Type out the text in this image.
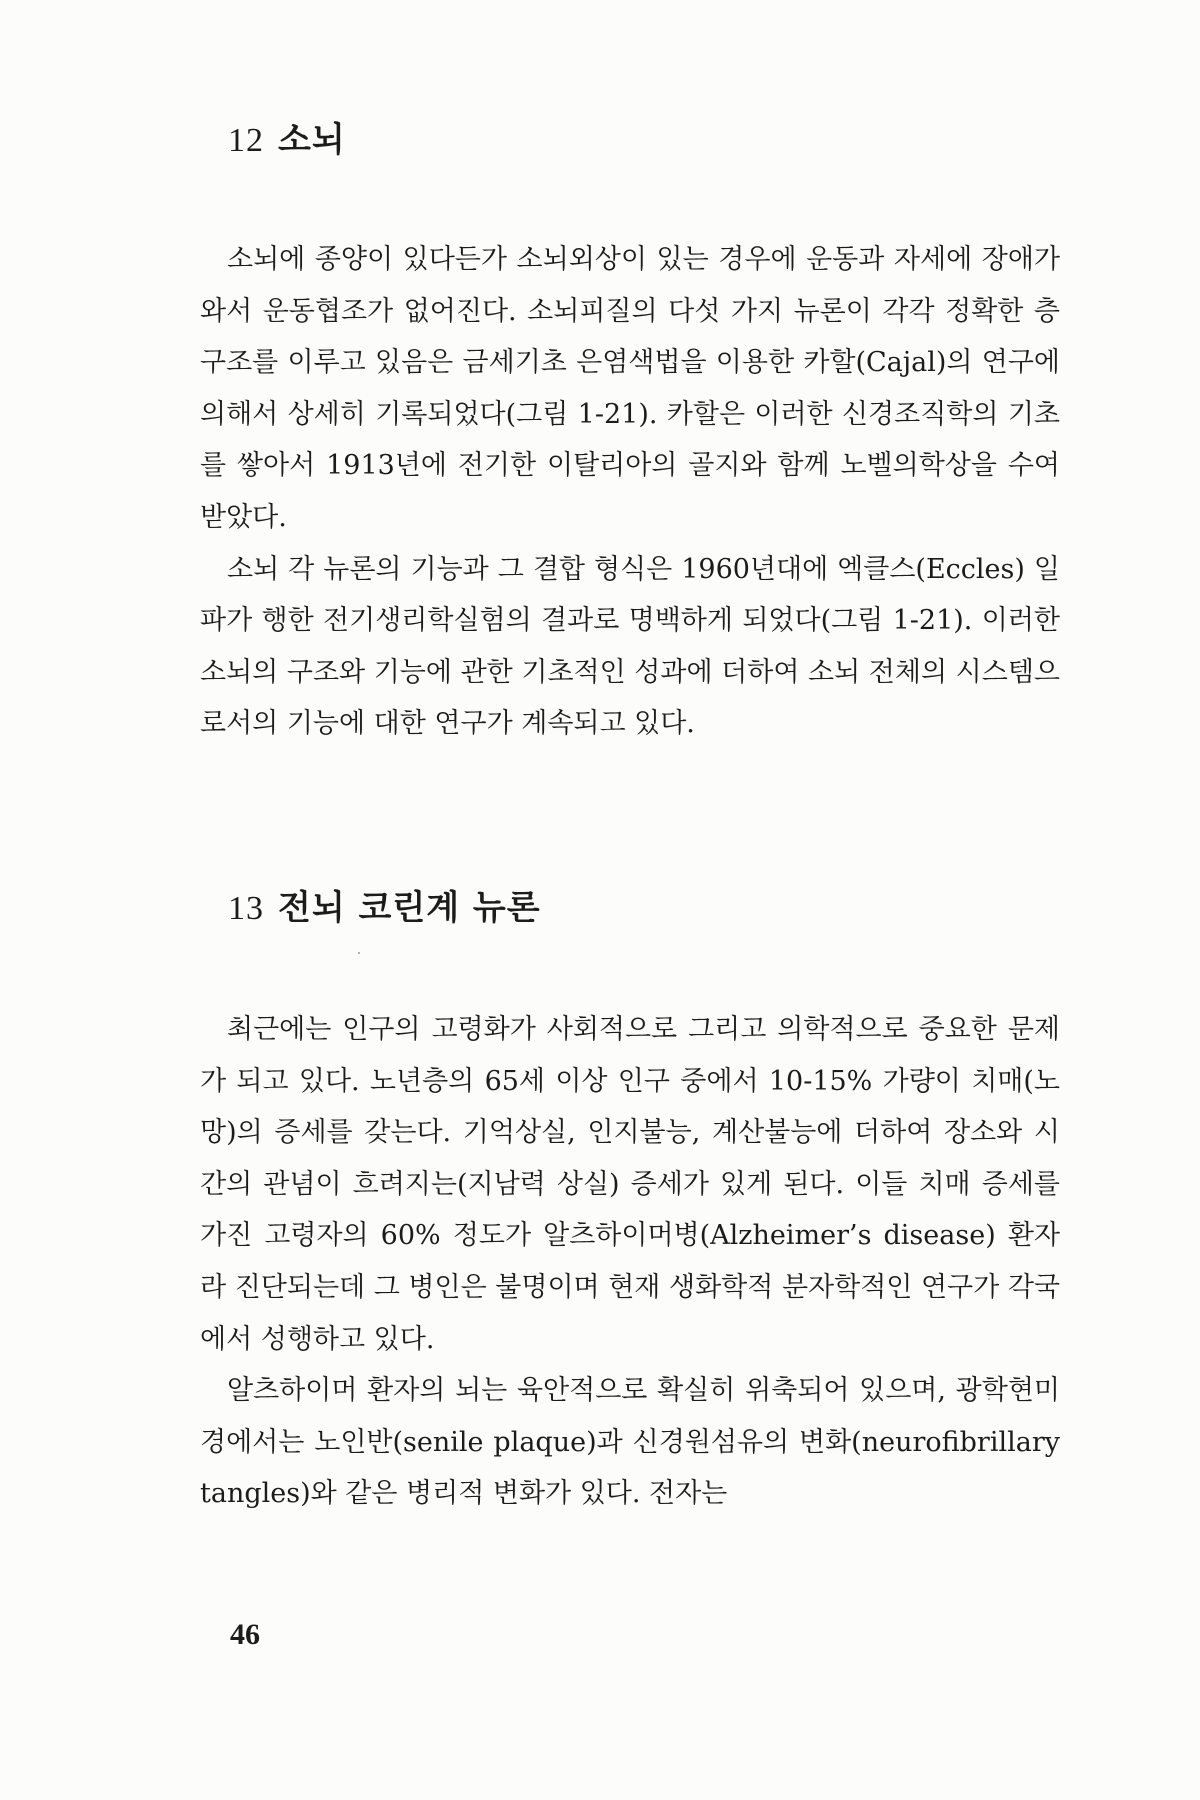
12 소뇌

소뇌에 종양이 있다든가 소뇌외상이 있는 경우에 운동과 자세에 장애가 와서 운동협조가 없어진다. 소뇌피질의 다섯 가지 뉴론이 각각 정확한 층 구조를 이루고 있음은 금세기초 은염색법을 이용한 카할(Cajal)의 연구에 의해서 상세히 기록되었다(그림 1-21). 카할은 이러한 신경조직학의 기초를 쌓아서 1913년에 전기한 이탈리아의 골지와 함께 노벨의학상을 수여받았다.

소뇌 각 뉴론의 기능과 그 결합 형식은 1960년대에 엑클스(Eccles) 일파가 행한 전기생리학실험의 결과로 명백하게 되었다(그림 1-21). 이러한 소뇌의 구조와 기능에 관한 기초적인 성과에 더하여 소뇌 전체의 시스템으로서의 기능에 대한 연구가 계속되고 있다.

13 전뇌 코린계 뉴론

최근에는 인구의 고령화가 사회적으로 그리고 의학적으로 중요한 문제가 되고 있다. 노년층의 65세 이상 인구 중에서 10-15% 가량이 치매(노망)의 증세를 갖는다. 기억상실, 인지불능, 계산불능에 더하여 장소와 시간의 관념이 흐려지는(지남력 상실) 증세가 있게 된다. 이들 치매 증세를 가진 고령자의 60% 정도가 알츠하이머병(Alzheimer’s disease) 환자라 진단되는데 그 병인은 불명이며 현재 생화학적 분자학적인 연구가 각국에서 성행하고 있다.

알츠하이머 환자의 뇌는 육안적으로 확실히 위축되어 있으며, 광학현미경에서는 노인반(senile plaque)과 신경원섬유의 변화(neurofibrillary tangles)와 같은 병리적 변화가 있다. 전자는

46
